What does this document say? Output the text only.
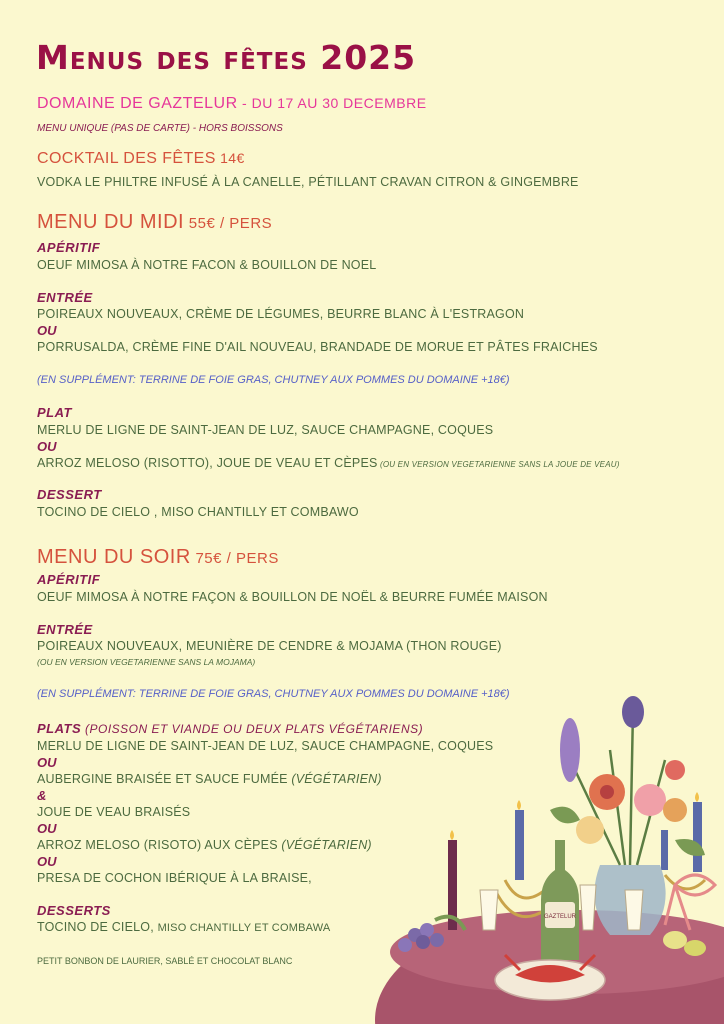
Menus des fêtes 2025
DOMAINE DE GAZTELUR - DU 17 AU 30 DECEMBRE
MENU UNIQUE (PAS DE CARTE) - HORS BOISSONS
COCKTAIL DES FÊTES 14€
VODKA LE PHILTRE INFUSÉ À LA CANELLE, PÉTILLANT CRAVAN CITRON & GINGEMBRE
MENU DU MIDI 55€ / PERS
APÉRITIF
OEUF MIMOSA À NOTRE FACON & BOUILLON DE NOEL
ENTRÉE
POIREAUX NOUVEAUX, CRÈME DE LÉGUMES, BEURRE BLANC À L'ESTRAGON
OU
PORRUSALDA, CRÈME FINE D'AIL NOUVEAU, BRANDADE DE MORUE ET PÂTES FRAICHES
(EN SUPPLÉMENT: TERRINE DE FOIE GRAS, CHUTNEY AUX POMMES DU DOMAINE +18€)
PLAT
MERLU DE LIGNE DE SAINT-JEAN DE LUZ, SAUCE CHAMPAGNE, COQUES
OU
ARROZ MELOSO (RISOTTO), JOUE DE VEAU ET CÈPES (OU EN VERSION VEGETARIENNE SANS LA JOUE DE VEAU)
DESSERT
TOCINO DE CIELO , MISO CHANTILLY ET COMBAWO
MENU DU SOIR 75€ / PERS
APÉRITIF
OEUF MIMOSA À NOTRE FAÇON & BOUILLON DE NOËL & BEURRE FUMÉE MAISON
ENTRÉE
POIREAUX NOUVEAUX, MEUNIÈRE DE CENDRE & MOJAMA (THON ROUGE)
(OU EN VERSION VEGETARIENNE SANS LA MOJAMA)
(EN SUPPLÉMENT: TERRINE DE FOIE GRAS, CHUTNEY AUX POMMES DU DOMAINE +18€)
PLATS (POISSON ET VIANDE OU DEUX PLATS VÉGÉTARIENS)
MERLU DE LIGNE DE SAINT-JEAN DE LUZ, SAUCE CHAMPAGNE, COQUES
OU
AUBERGINE BRAISÉE ET SAUCE FUMÉE (VÉGÉTARIEN)
&
JOUE DE VEAU BRAISÉS
OU
ARROZ MELOSO (RISOTO) AUX CÈPES (VÉGÉTARIEN)
OU
PRESA DE COCHON IBÉRIQUE À LA BRAISE,
DESSERTS
TOCINO DE CIELO, MISO CHANTILLY ET COMBAWA
PETIT BONBON DE LAURIER, SABLÉ ET CHOCOLAT BLANC
GAZTELUR
